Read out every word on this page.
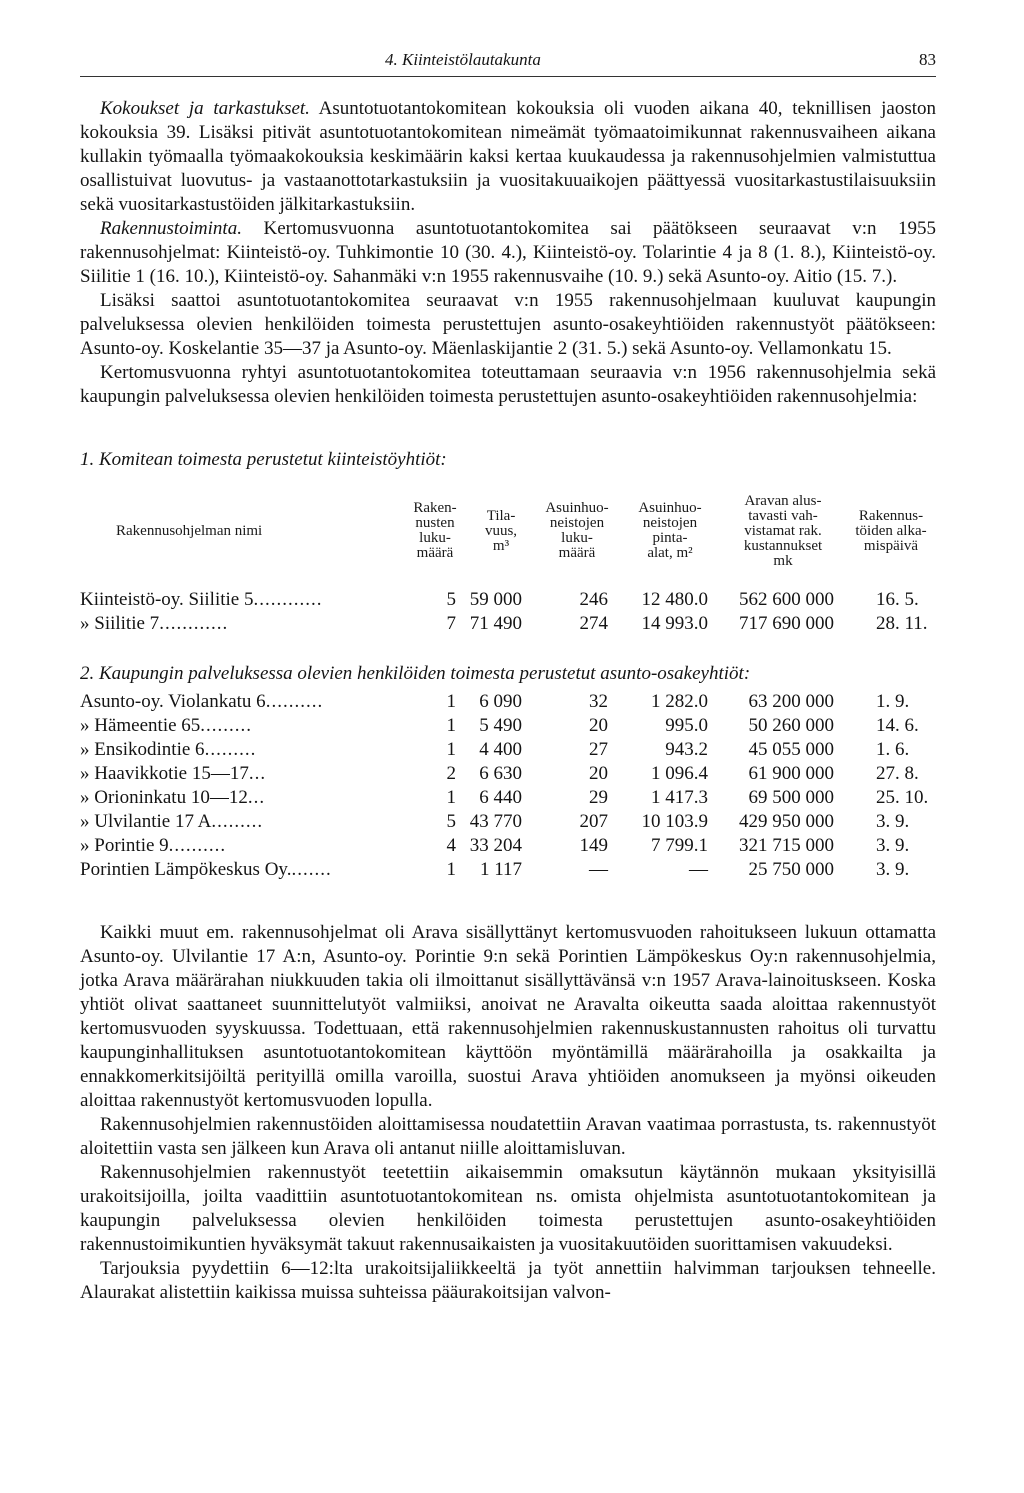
4. Kiinteistölautakunta	83

Kokoukset ja tarkastukset. Asuntotuotantokomitean kokouksia oli vuoden aikana 40, teknillisen jaoston kokouksia 39. Lisäksi pitivät asuntotuotantokomitean nimeämät työmaatoimikunnat rakennusvaiheen aikana kullakin työmaalla työmaakokouksia keskimäärin kaksi kertaa kuukaudessa ja rakennusohjelmien valmistuttua osallistuivat luovutus- ja vastaanottotarkastuksiin ja vuositakuuaikojen päättyessä vuositarkastustilaisuuksiin sekä vuositarkastustöiden jälkitarkastuksiin.

Rakennustoiminta. Kertomusvuonna asuntotuotantokomitea sai päätökseen seuraavat v:n 1955 rakennusohjelmat: Kiinteistö-oy. Tuhkimontie 10 (30. 4.), Kiinteistö-oy. Tolarintie 4 ja 8 (1. 8.), Kiinteistö-oy. Siilitie 1 (16. 10.), Kiinteistö-oy. Sahanmäki v:n 1955 rakennusvaihe (10. 9.) sekä Asunto-oy. Aitio (15. 7.).

Lisäksi saattoi asuntotuotantokomitea seuraavat v:n 1955 rakennusohjelmaan kuuluvat kaupungin palveluksessa olevien henkilöiden toimesta perustettujen asunto-osakeyhtiöiden rakennustyöt päätökseen: Asunto-oy. Koskelantie 35—37 ja Asunto-oy. Mäenlaskijantie 2 (31. 5.) sekä Asunto-oy. Vellamonkatu 15.

Kertomusvuonna ryhtyi asuntotuotantokomitea toteuttamaan seuraavia v:n 1956 rakennusohjelmia sekä kaupungin palveluksessa olevien henkilöiden toimesta perustettujen asunto-osakeyhtiöiden rakennusohjelmia:

1. Komitean toimesta perustetut kiinteistöyhtiöt:

Rakennusohjelman nimi	Raken-
nusten
luku-
määrä	Tila-
vuus,
m³	Asuinhuo-
neistojen
luku-
määrä	Asuinhuo-
neistojen
pinta-
alat, m²	Aravan alus-
tavasti vah-
vistamat rak.
kustannukset
mk	Rakennus-
töiden alka-
mispäivä

Kiinteistö-oy. Siilitie 5............	5	59 000	246	12 480.0	562 600 000	16. 5.
» Siilitie 7............	7	71 490	274	14 993.0	717 690 000	28. 11.

2. Kaupungin palveluksessa olevien henkilöiden toimesta perustetut asunto-osakeyhtiöt:						

Asunto-oy. Violankatu 6..........	1	6 090	32	1 282.0	63 200 000	1. 9.
» Hämeentie 65.........	1	5 490	20	995.0	50 260 000	14. 6.
» Ensikodintie 6.........	1	4 400	27	943.2	45 055 000	1. 6.
» Haavikkotie 15—17...	2	6 630	20	1 096.4	61 900 000	27. 8.
» Orioninkatu 10—12...	1	6 440	29	1 417.3	69 500 000	25. 10.
» Ulvilantie 17 A.........	5	43 770	207	10 103.9	429 950 000	3. 9.
» Porintie 9..........	4	33 204	149	7 799.1	321 715 000	3. 9.
Porintien Lämpökeskus Oy........	1	1 117	—	—	25 750 000	3. 9.

Kaikki muut em. rakennusohjelmat oli Arava sisällyttänyt kertomusvuoden rahoitukseen lukuun ottamatta Asunto-oy. Ulvilantie 17 A:n, Asunto-oy. Porintie 9:n sekä Porintien Lämpökeskus Oy:n rakennusohjelmia, jotka Arava määrärahan niukkuuden takia oli ilmoittanut sisällyttävänsä v:n 1957 Arava-lainoituskseen. Koska yhtiöt olivat saattaneet suunnittelutyöt valmiiksi, anoivat ne Aravalta oikeutta saada aloittaa rakennustyöt kertomusvuoden syyskuussa. Todettuaan, että rakennusohjelmien rakennuskustannusten rahoitus oli turvattu kaupunginhallituksen asuntotuotantokomitean käyttöön myöntämillä määrärahoilla ja osakkailta ja ennakkomerkitsijöiltä perityillä omilla varoilla, suostui Arava yhtiöiden anomukseen ja myönsi oikeuden aloittaa rakennustyöt kertomusvuoden lopulla.

Rakennusohjelmien rakennustöiden aloittamisessa noudatettiin Aravan vaatimaa porrastusta, ts. rakennustyöt aloitettiin vasta sen jälkeen kun Arava oli antanut niille aloittamisluvan.

Rakennusohjelmien rakennustyöt teetettiin aikaisemmin omaksutun käytännön mukaan yksityisillä urakoitsijoilla, joilta vaadittiin asuntotuotantokomitean ns. omista ohjelmista asuntotuotantokomitean ja kaupungin palveluksessa olevien henkilöiden toimesta perustettujen asunto-osakeyhtiöiden rakennustoimikuntien hyväksymät takuut rakennusaikaisten ja vuositakuutöiden suorittamisen vakuudeksi.

Tarjouksia pyydettiin 6—12:lta urakoitsijaliikkeeltä ja työt annettiin halvimman tarjouksen tehneelle. Alaurakat alistettiin kaikissa muissa suhteissa pääurakoitsijan valvon-
